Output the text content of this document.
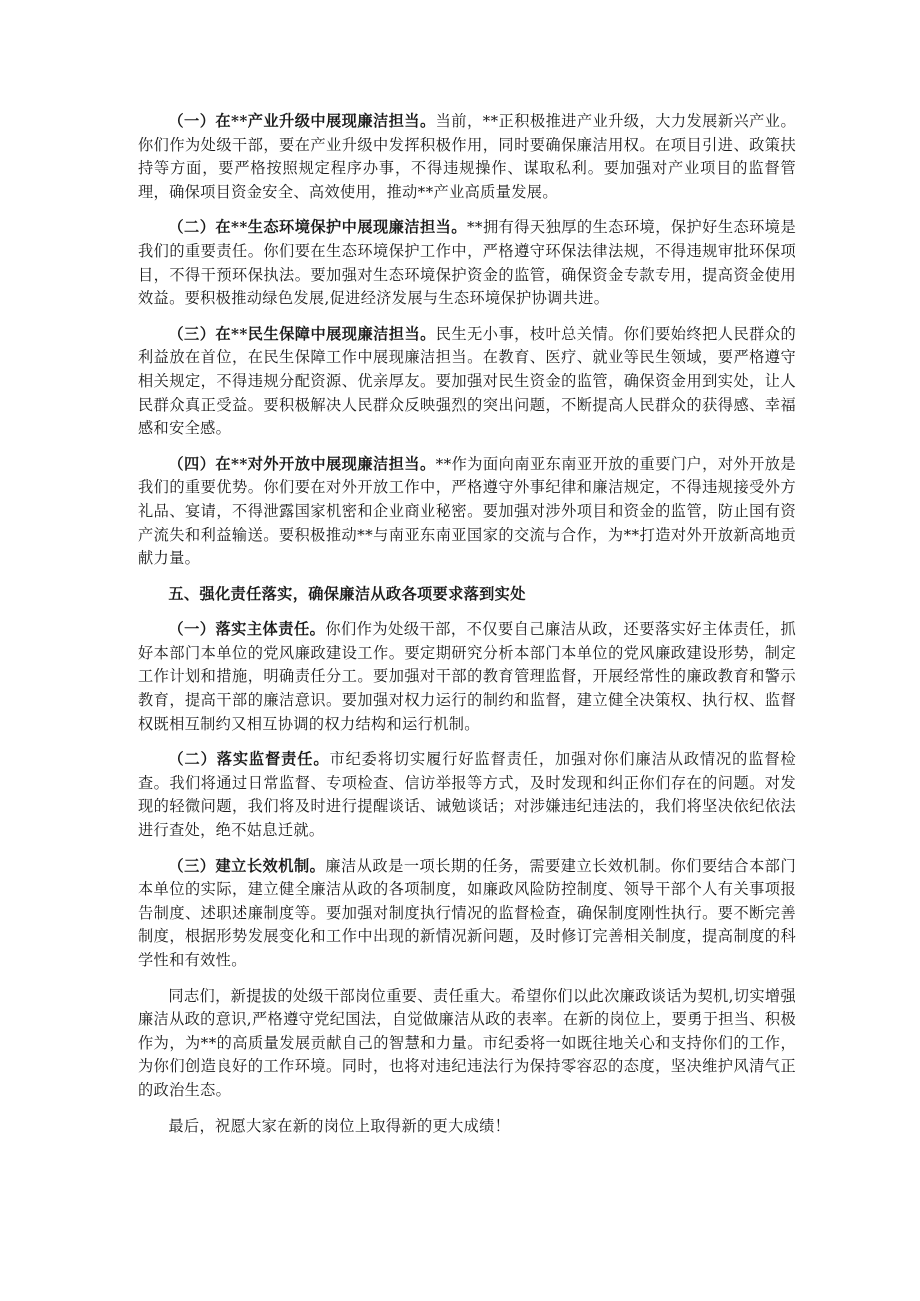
（一）在**产业升级中展现廉洁担当。当前，**正积极推进产业升级，大力发展新兴产业。你们作为处级干部，要在产业升级中发挥积极作用，同时要确保廉洁用权。在项目引进、政策扶持等方面，要严格按照规定程序办事，不得违规操作、谋取私利。要加强对产业项目的监督管理，确保项目资金安全、高效使用，推动**产业高质量发展。

（二）在**生态环境保护中展现廉洁担当。**拥有得天独厚的生态环境，保护好生态环境是我们的重要责任。你们要在生态环境保护工作中，严格遵守环保法律法规，不得违规审批环保项目，不得干预环保执法。要加强对生态环境保护资金的监管，确保资金专款专用，提高资金使用效益。要积极推动绿色发展,促进经济发展与生态环境保护协调共进。

（三）在**民生保障中展现廉洁担当。民生无小事，枝叶总关情。你们要始终把人民群众的利益放在首位，在民生保障工作中展现廉洁担当。在教育、医疗、就业等民生领域，要严格遵守相关规定，不得违规分配资源、优亲厚友。要加强对民生资金的监管，确保资金用到实处，让人民群众真正受益。要积极解决人民群众反映强烈的突出问题，不断提高人民群众的获得感、幸福感和安全感。

（四）在**对外开放中展现廉洁担当。**作为面向南亚东南亚开放的重要门户，对外开放是我们的重要优势。你们要在对外开放工作中，严格遵守外事纪律和廉洁规定，不得违规接受外方礼品、宴请，不得泄露国家机密和企业商业秘密。要加强对涉外项目和资金的监管，防止国有资产流失和利益输送。要积极推动**与南亚东南亚国家的交流与合作，为**打造对外开放新高地贡献力量。

五、强化责任落实，确保廉洁从政各项要求落到实处

（一）落实主体责任。你们作为处级干部，不仅要自己廉洁从政，还要落实好主体责任，抓好本部门本单位的党风廉政建设工作。要定期研究分析本部门本单位的党风廉政建设形势，制定工作计划和措施，明确责任分工。要加强对干部的教育管理监督，开展经常性的廉政教育和警示教育，提高干部的廉洁意识。要加强对权力运行的制约和监督，建立健全决策权、执行权、监督权既相互制约又相互协调的权力结构和运行机制。

（二）落实监督责任。市纪委将切实履行好监督责任，加强对你们廉洁从政情况的监督检查。我们将通过日常监督、专项检查、信访举报等方式，及时发现和纠正你们存在的问题。对发现的轻微问题，我们将及时进行提醒谈话、诫勉谈话；对涉嫌违纪违法的，我们将坚决依纪依法进行查处，绝不姑息迁就。

（三）建立长效机制。廉洁从政是一项长期的任务，需要建立长效机制。你们要结合本部门本单位的实际，建立健全廉洁从政的各项制度，如廉政风险防控制度、领导干部个人有关事项报告制度、述职述廉制度等。要加强对制度执行情况的监督检查，确保制度刚性执行。要不断完善制度，根据形势发展变化和工作中出现的新情况新问题，及时修订完善相关制度，提高制度的科学性和有效性。

同志们，新提拔的处级干部岗位重要、责任重大。希望你们以此次廉政谈话为契机,切实增强廉洁从政的意识,严格遵守党纪国法，自觉做廉洁从政的表率。在新的岗位上，要勇于担当、积极作为，为**的高质量发展贡献自己的智慧和力量。市纪委将一如既往地关心和支持你们的工作，为你们创造良好的工作环境。同时，也将对违纪违法行为保持零容忍的态度，坚决维护风清气正的政治生态。

最后，祝愿大家在新的岗位上取得新的更大成绩！
